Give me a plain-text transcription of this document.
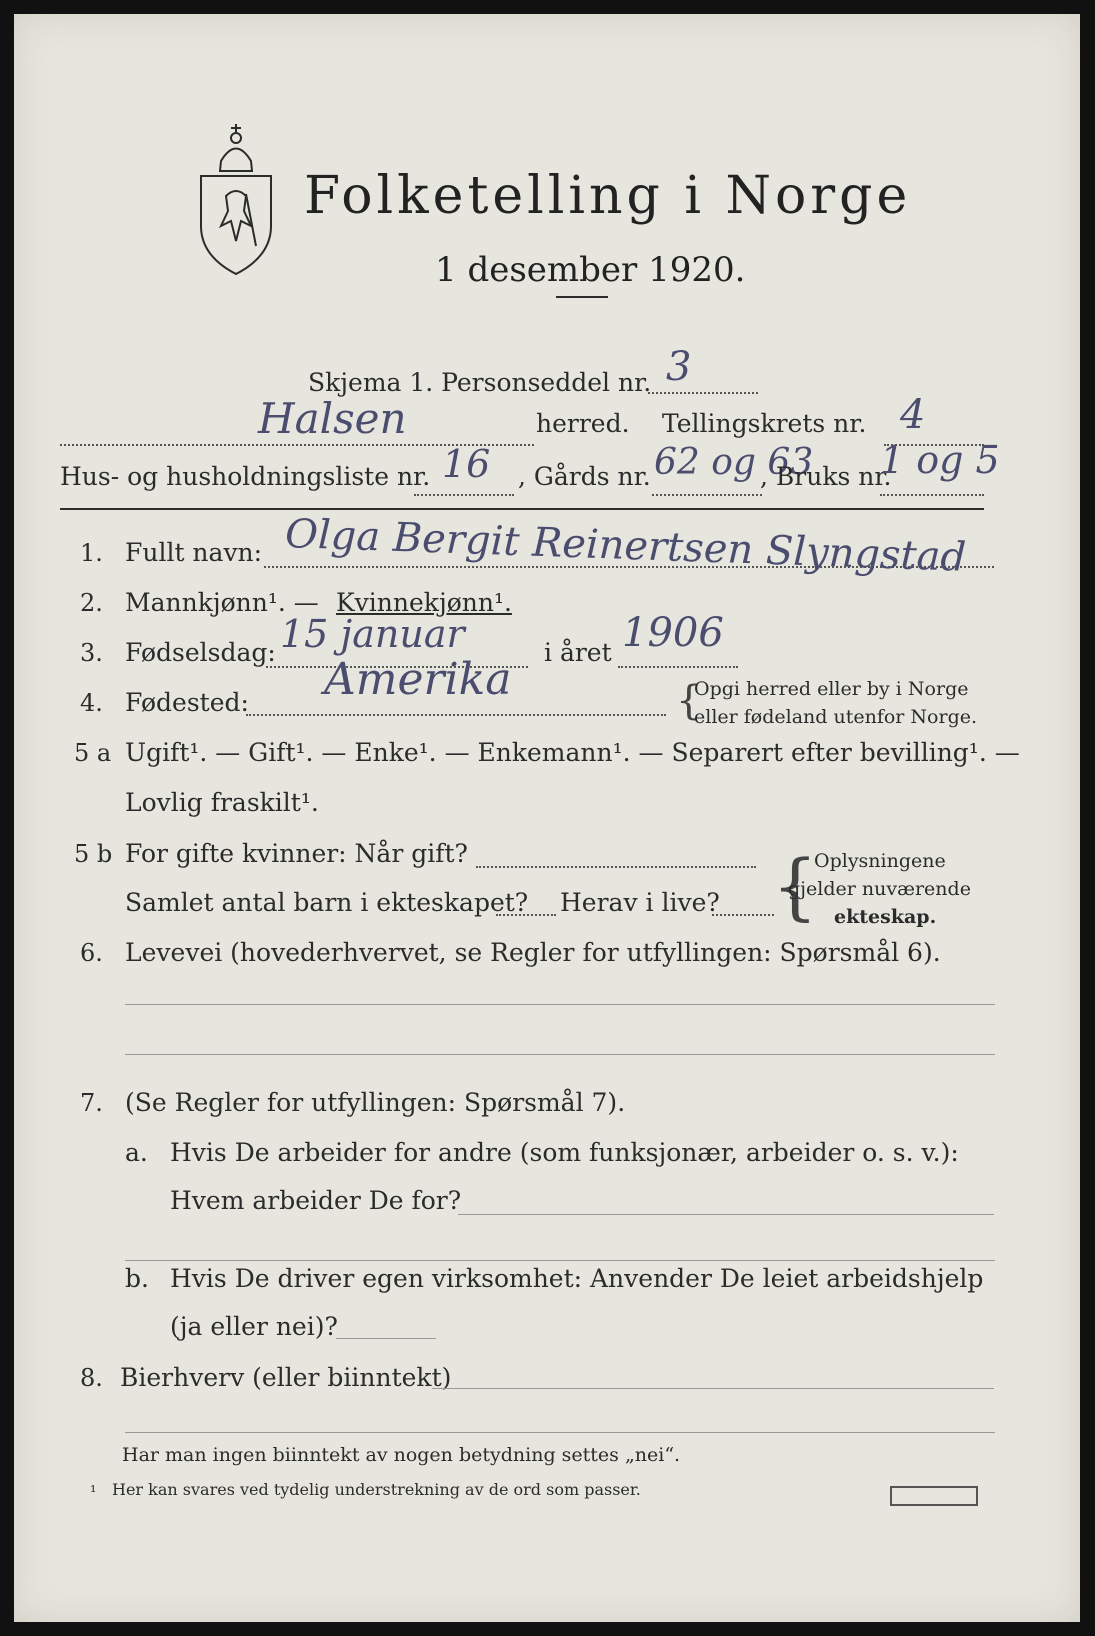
Folketelling i Norge
1 desember 1920.
Skjema 1. Personseddel nr. 3
Halsen	herred. Tellingskrets nr. 4
Hus- og husholdningsliste nr. 16 , Gårds nr. 62 og 63
, Bruks nr.
1 og 5
1. Fullt navn: Olga Bergit Reinertsen Slyngstad
2. Mannkjønn¹. — Kvinnekjønn¹.
3. Fødselsdag: 15 januar	i året 1906
4. Fødested: Amerika	{
Opgi herred eller by i Norge
eller fødeland utenfor Norge.
5 a Ugift¹. — Gift¹. — Enke¹. — Enkemann¹. — Separert efter bevilling¹. —
Lovlig fraskilt¹.
5 b For gifte kvinner: Når gift?
Samlet antal barn i ekteskapet? Herav i live? {
Oplysningene
gjelder nuværende
ekteskap.
6. Levevei (hovederhvervet, se Regler for utfyllingen: Spørsmål 6).
7. (Se Regler for utfyllingen: Spørsmål 7).
a. Hvis De arbeider for andre (som funksjonær, arbeider o. s. v.):
Hvem arbeider De for?
b. Hvis De driver egen virksomhet: Anvender De leiet arbeidshjelp
(ja eller nei)?
8. Bierhverv (eller biinntekt)
Har man ingen biinntekt av nogen betydning settes „nei“.
¹ Her kan svares ved tydelig understrekning av de ord som passer.
